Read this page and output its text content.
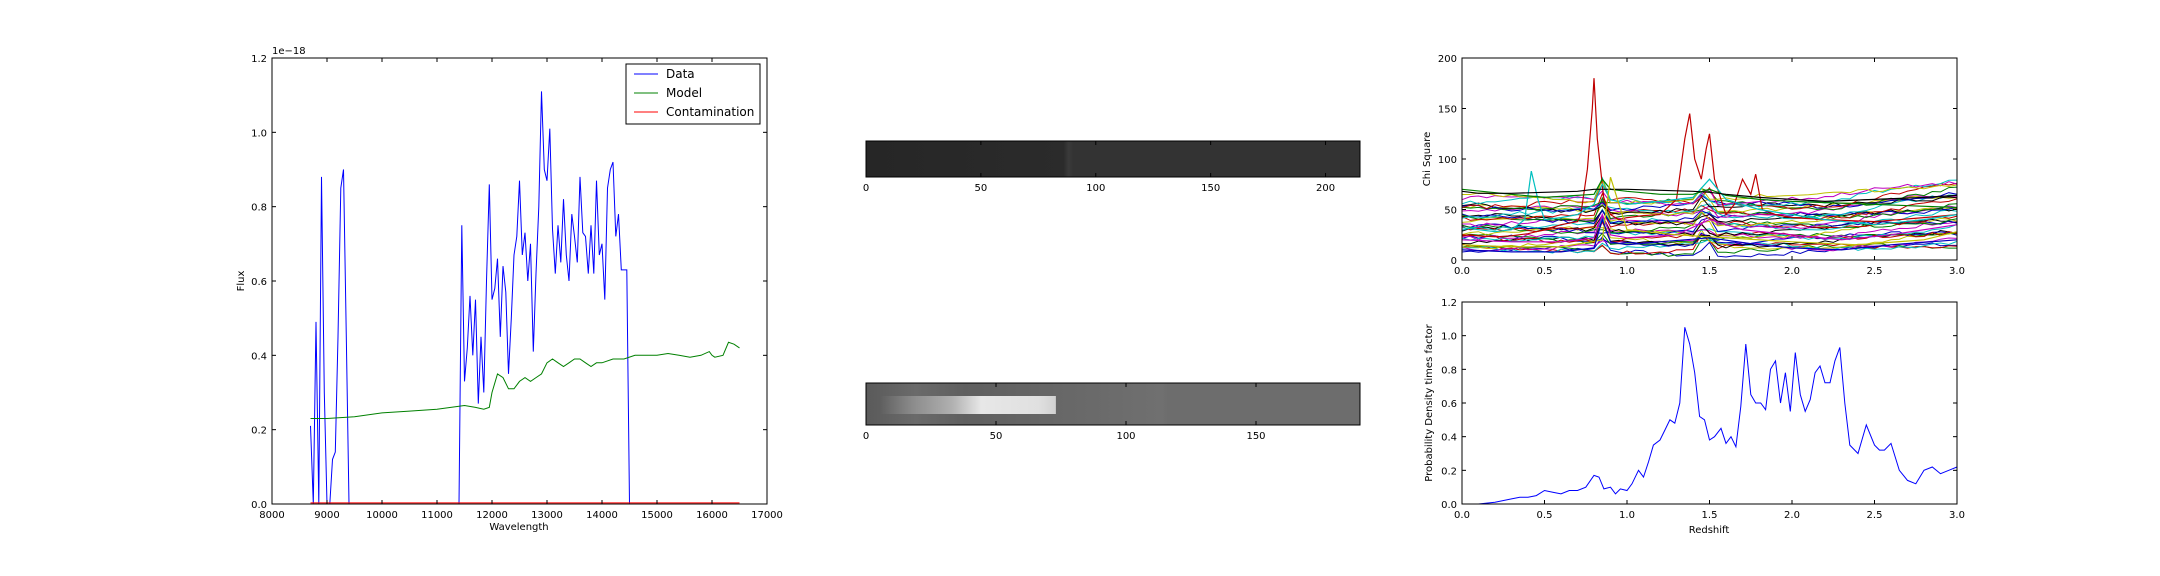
8000	9000	10000 11000 12000 13000 14000 15000 16000 17000
0.0
0.2
0.4
0.6
0.8
1.0
1.2
1e−18
Wavelength
Flux
Data
Model
Contamination
0	50	100	150	200
0	50	100	150
0.0	0.5	1.0	1.5	2.0	2.5	3.0
0
50
100
150
200
Chi Square
0.0	0.5	1.0	1.5	2.0	2.5	3.0
0.0
0.2
0.4
0.6
0.8
1.0
1.2
Redshift
Probability Density times factor
